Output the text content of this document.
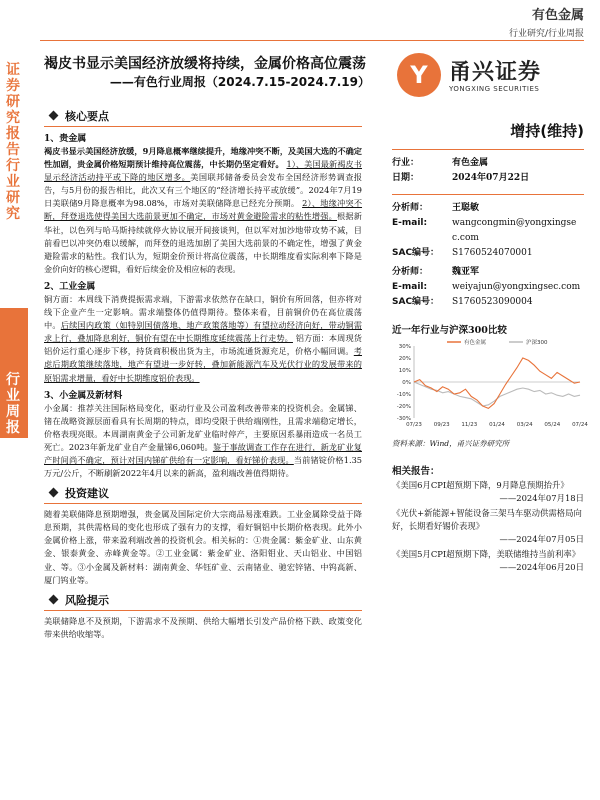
证券研究报告 行业研究
行业周报
有色金属
行业研究/行业周报
褐皮书显示美国经济放缓将持续，金属价格高位震荡
——有色行业周报（2024.7.15-2024.7.19）	Y 甬兴证券
YONGXING SECURITIES
核心要点
1、贵金属
褐皮书显示美国经济放缓，9月降息概率继续提升，地缘冲突不断，及美国大选的不确定性加剧，贵金属价格短期预计维持高位震荡，中长期仍坚定看好。 1）、美国最新褐皮书显示经济活动持平或下降的地区增多。美国联邦储备委员会发布全国经济形势调查报告，与5月份的报告相比，此次又有三个地区的“经济增长持平或放缓”。2024年7月19日美联储9月降息概率为98.08%，市场对美联储降息已经充分预期。 2）、地缘冲突不断，拜登退选使得美国大选前景更加不确定，市场对黄金避险需求的粘性增强。根据新华社，以色列与哈马斯持续就停火协议展开间接谈判，但以军对加沙地带攻势不减，目前看巴以冲突仍难以缓解，而拜登的退选加剧了美国大选前景的不确定性，增强了黄金避险需求的粘性。我们认为，短期金价预计将高位震荡，中长期维度看实际利率下降是金价向好的核心逻辑，看好后续金价及相应标的表现。
2、工业金属
铜方面：本周线下消费提振需求端，下游需求依然存在缺口，铜价有所回落，但亦将对线下企业产生一定影响。需求端整体仍值得期待。整体来看，目前铜价仍在高位震荡中。后续国内政策（如特别国债落地、地产政策落地等）有望拉动经济向好，带动铜需求上行，叠加降息利好，铜价有望在中长期维度延续震荡上行走势。 铝方面：本周现货铝价运行重心逐步下移，持货商积极出货为主，市场流通货源充足，价格小幅回调。考虑后期政策继续落地，地产有望进一步好转，叠加新能源汽车及光伏行业的发展带来的原铝需求增量，看好中长期维度铝价表现。
3、小金属及新材料
小金属：推荐关注国际格局变化，驱动行业及公司盈利改善带来的投资机会。金属锑、锗在战略资源层面看具有长周期的特点，即均受限于供给端刚性，且需求端稳定增长，价格表现亮眼。本周湖南黄金子公司新龙矿业临时停产，主要原因系暴雨造成一名员工死亡。2023年新龙矿业自产金量锑6,060吨。鉴于事故调查工作存在进行，新龙矿业复产时间尚不确定，预计对国内锑矿供给有一定影响，看好锑价表现。当前锗锭价格1.35万元/公斤，不断刷新2022年4月以来的新高，盈利端改善值得期待。
投资建议
随着美联储降息预期增强，贵金属及国际定价大宗商品易涨难跌。工业金属除受益于降息预期，其供需格局的变化也形成了强有力的支撑，看好铜铝中长期价格表现。此外小金属价格上涨，带来盈利端改善的投资机会。相关标的：①贵金属：紫金矿业、山东黄金、银泰黄金、赤峰黄金等。②工业金属：紫金矿业、洛阳钼业、天山铝业、中国铝业、等。③小金属及新材料：湖南黄金、华钰矿业、云南锗业、驰宏锌锗、中钨高新、厦门钨业等。
风险提示
美联储降息不及预期，下游需求不及预期、供给大幅增长引发产品价格下跌、政策变化带来供给收缩等。
增持(维持)
行业：	有色金属
日期：	2024年07月22日
分析师：	王聪敏
E-mail:	wangcongmin@yongxingsec.com
SAC编号： S1760524070001
分析师：	魏亚军
E-mail:	weiyajun@yongxingsec.com
SAC编号： S1760523090004
近一年行业与沪深300比较
30%
20%
10%
0%
-10%
-20%
-30%
07/23 09/23 11/23 01/24 03/24 05/24 07/24
有色金属	沪深300
资料来源：Wind，甬兴证券研究所
相关报告：
《美国6月CPI超预期下降，9月降息预期抬升》
——2024年07月18日
《光伏+新能源+智能设备三架马车驱动供需格局向好，长期看好锡价表现》
——2024年07月05日
《美国5月CPI超预期下降，美联储维持当前利率》
——2024年06月20日
